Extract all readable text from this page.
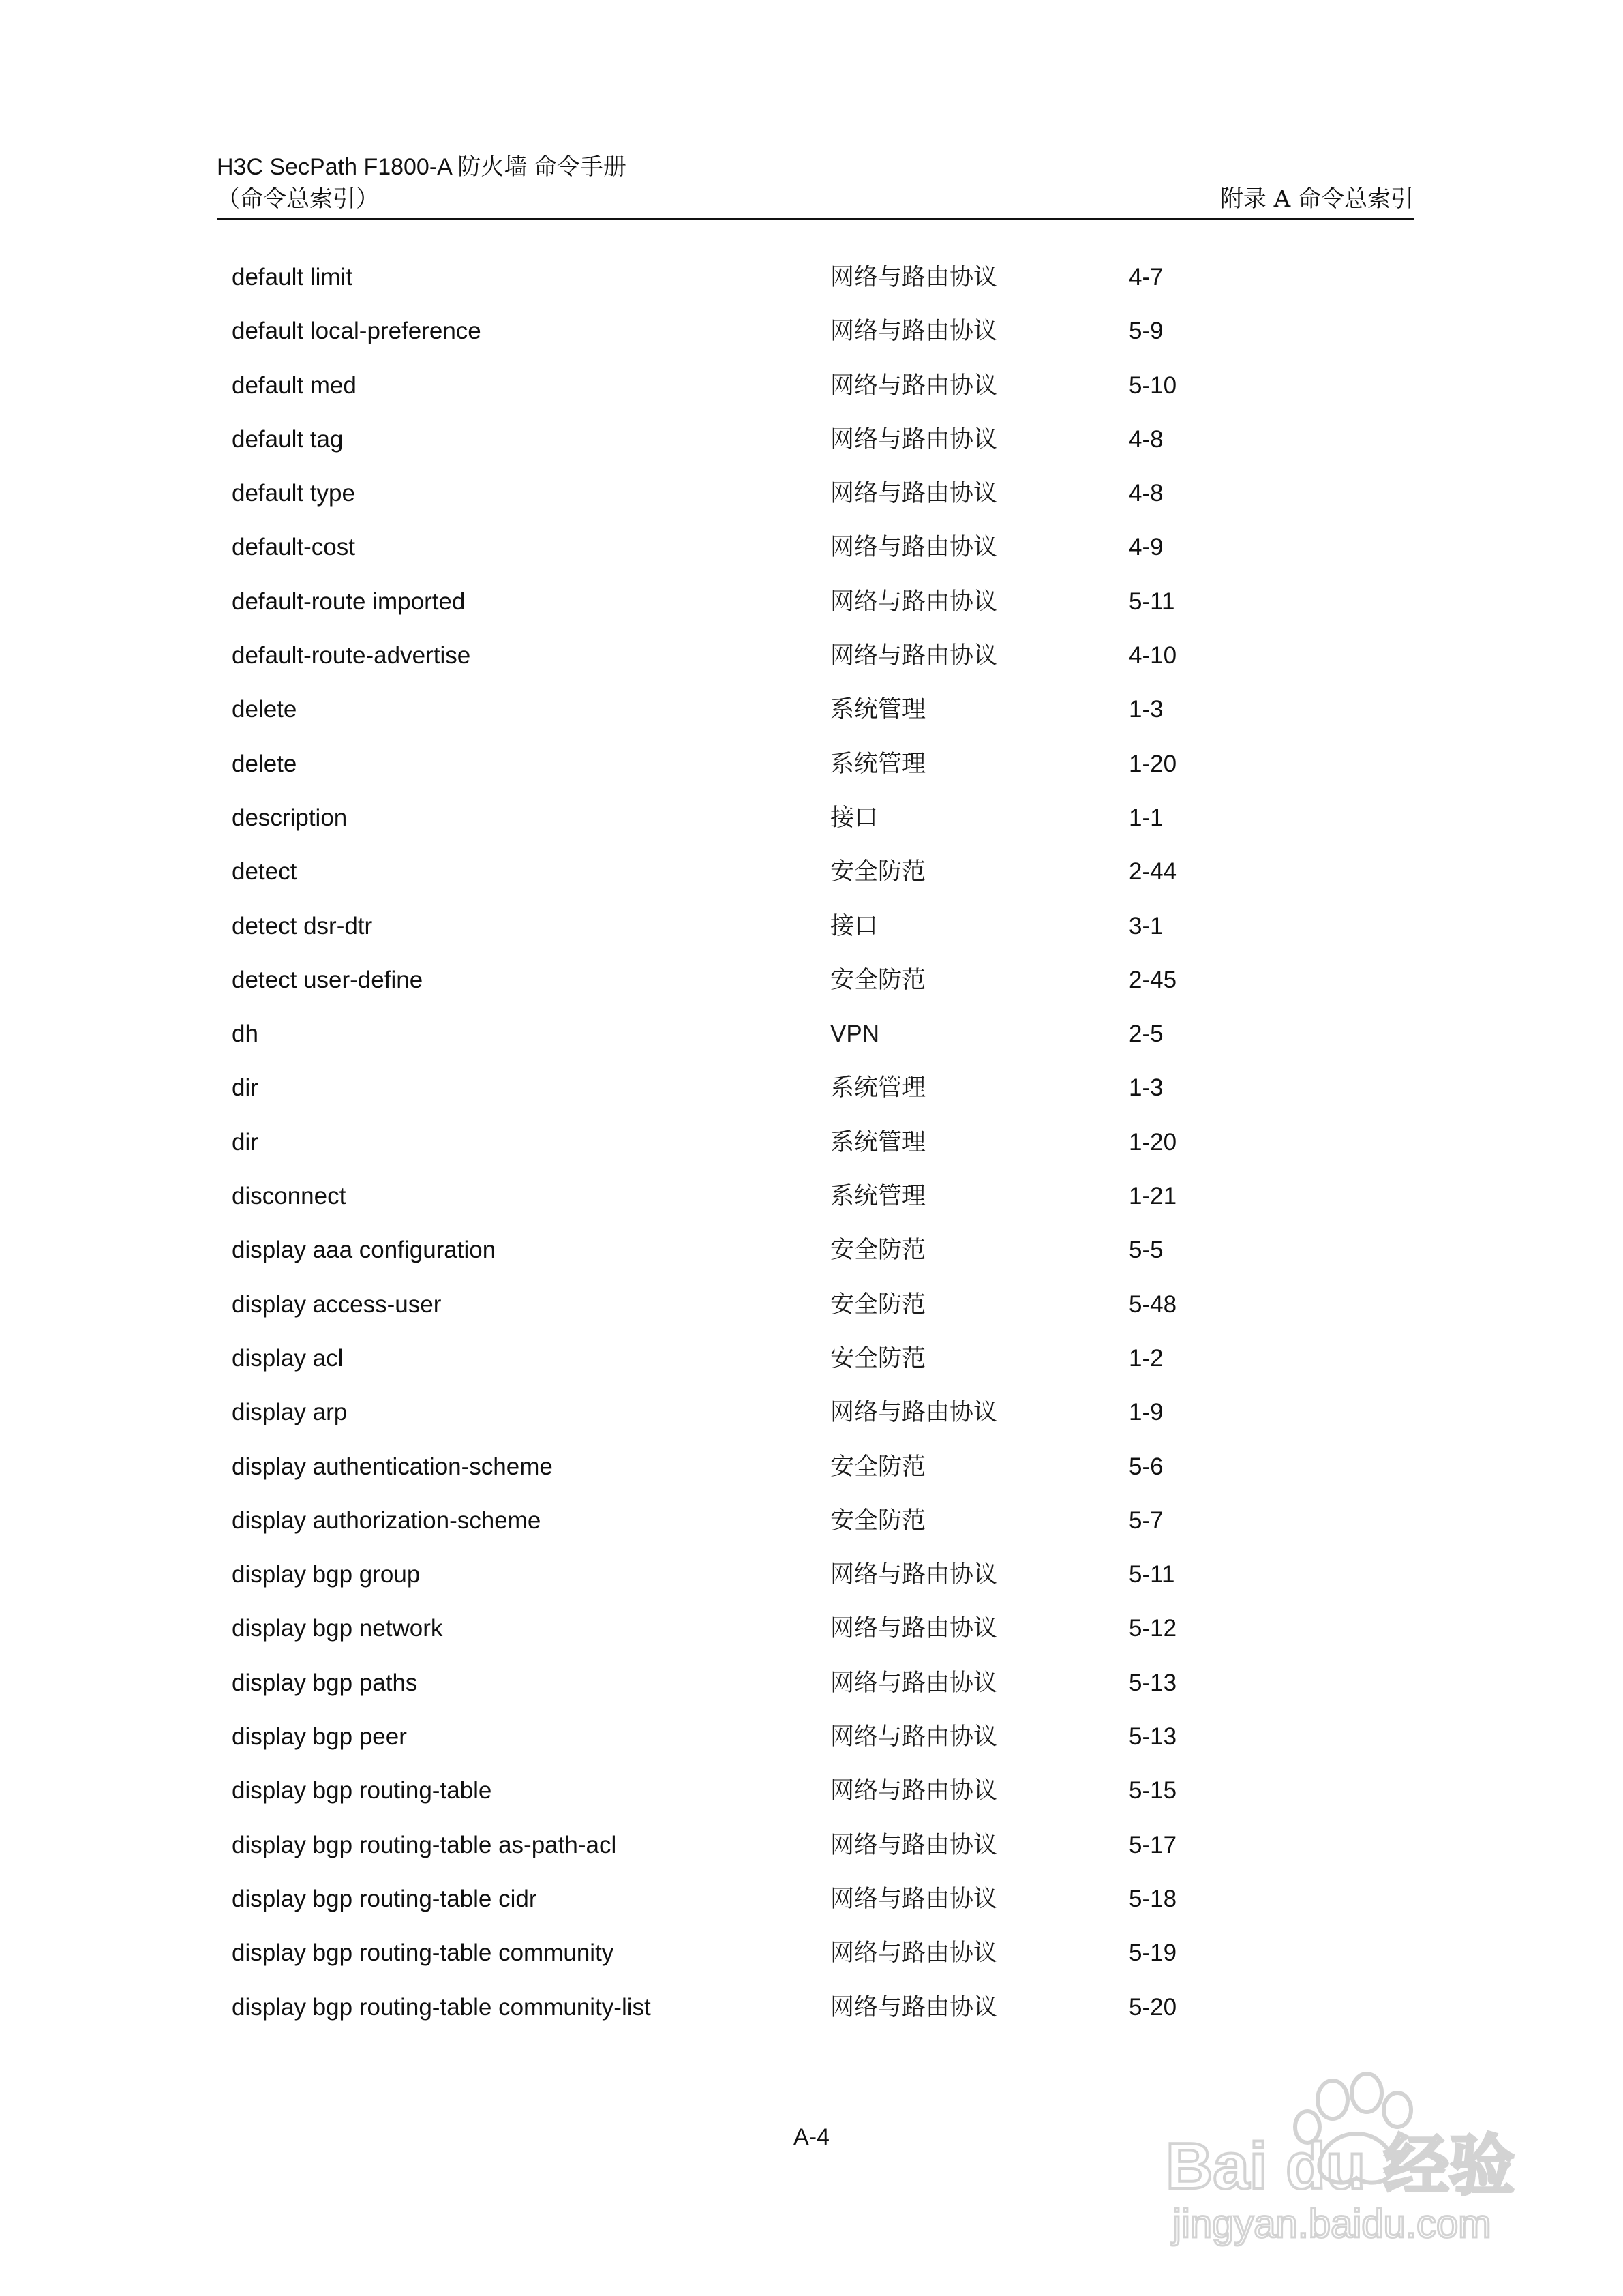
H3C SecPath F1800-A 防火墙 命令手册
（命令总索引）	附录 A 命令总索引
default limit	网络与路由协议	4-7
default local-preference	网络与路由协议	5-9
default med	网络与路由协议	5-10
default tag	网络与路由协议	4-8
default type	网络与路由协议	4-8
default-cost	网络与路由协议	4-9
default-route imported	网络与路由协议	5-11
default-route-advertise	网络与路由协议	4-10
delete	系统管理	1-3
delete	系统管理	1-20
description	接口	1-1
detect	安全防范	2-44
detect dsr-dtr	接口	3-1
detect user-define	安全防范	2-45
dh	VPN	2-5
dir	系统管理	1-3
dir	系统管理	1-20
disconnect	系统管理	1-21
display aaa configuration	安全防范	5-5
display access-user	安全防范	5-48
display acl	安全防范	1-2
display arp	网络与路由协议	1-9
display authentication-scheme	安全防范	5-6
display authorization-scheme	安全防范	5-7
display bgp group	网络与路由协议	5-11
display bgp network	网络与路由协议	5-12
display bgp paths	网络与路由协议	5-13
display bgp peer	网络与路由协议	5-13
display bgp routing-table	网络与路由协议	5-15
display bgp routing-table as-path-acl	网络与路由协议	5-17
display bgp routing-table cidr	网络与路由协议	5-18
display bgp routing-table community	网络与路由协议	5-19
display bgp routing-table community-list	网络与路由协议	5-20
A-4	Bai du 经验
jingyan.baidu.com
